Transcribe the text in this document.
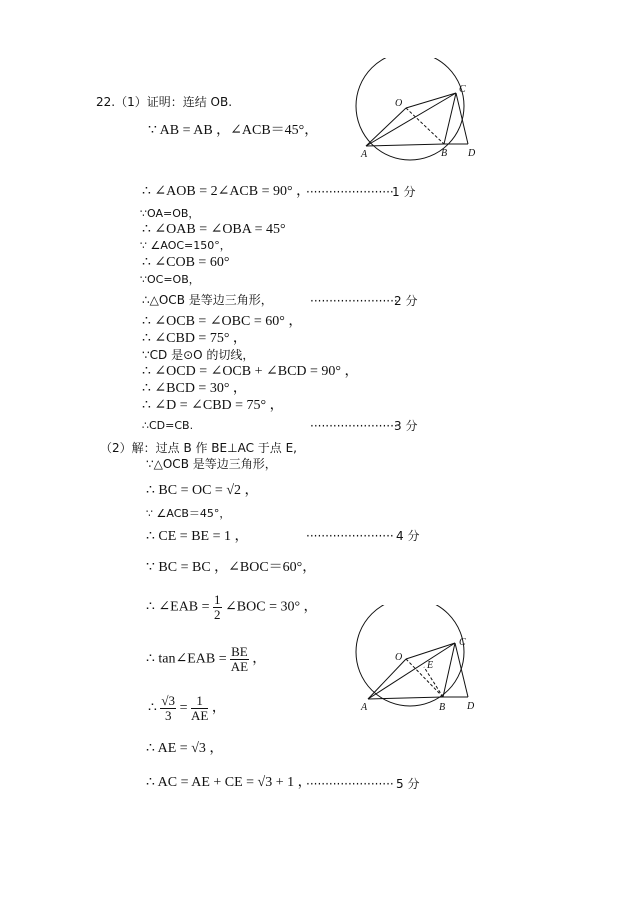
22.（1）证明：连结 OB.
∵ AB = AB ，∠ACB＝45°，
∴ ∠AOB = 2∠ACB = 90° ，
·······················
1 分
∵OA=OB，
∴ ∠OAB = ∠OBA = 45°
∵ ∠AOC=150°，
∴ ∠COB = 60°
∵OC=OB，
∴△OCB 是等边三角形，	·······················
2 分
∴ ∠OCB = ∠OBC = 60° ，
∴ ∠CBD = 75° ，
∵CD 是⊙O 的切线，
∴ ∠OCD = ∠OCB + ∠BCD = 90° ，
∴ ∠BCD = 30° ，
∴ ∠D = ∠CBD = 75° ，
∴CD=CB.	·······················
3 分
（2）解：过点 B 作 BE⊥AC 于点 E,
∵△OCB 是等边三角形，
∴ BC = OC = √2 ，
∵ ∠ACB＝45°，
∴ CE = BE = 1 ，	······················· 4 分
∵ BC = BC ，∠BOC＝60°，
∴ ∠EAB = $\frac{1}{2}$ ∠BOC = 30° ，
∴ tan∠EAB = $\frac{BE}{AE}$ ，
∴ $\frac{√3}{3} = \frac{1}{AE}$ ，
∴ AE = √3 ，
∴ AC = AE + CE = √3 + 1 ，
······················· 5 分
O
C
A	B D
O
C
E
A	B D
